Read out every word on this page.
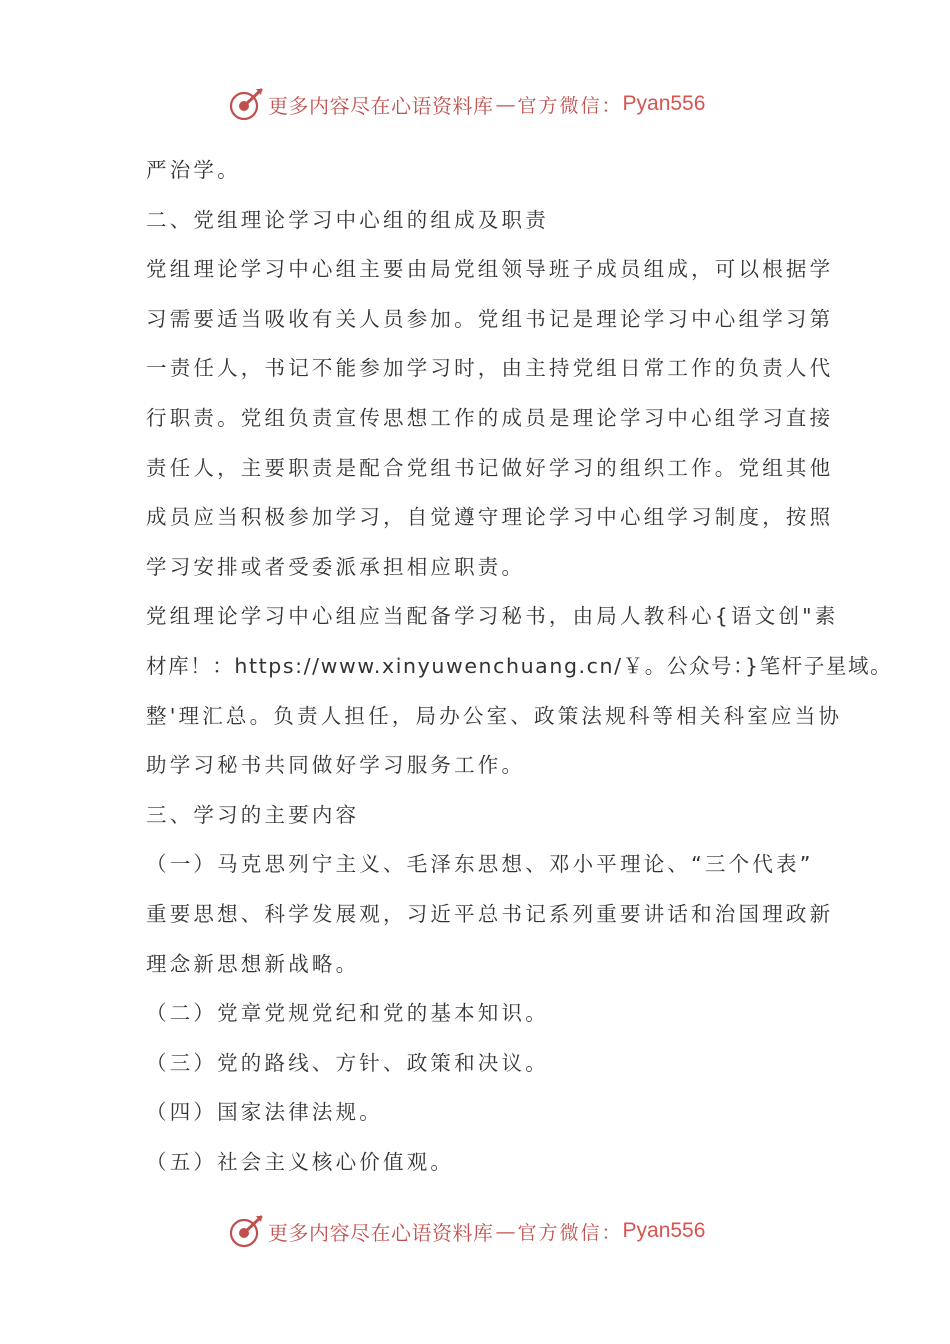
更多内容尽在心语资料库 — 官方微信： Pyan556
严治学。
二、党组理论学习中心组的组成及职责
党组理论学习中心组主要由局党组领导班子成员组成，可以根据学
习需要适当吸收有关人员参加。党组书记是理论学习中心组学习第
一责任人，书记不能参加学习时，由主持党组日常工作的负责人代
行职责。党组负责宣传思想工作的成员是理论学习中心组学习直接
责任人，主要职责是配合党组书记做好学习的组织工作。党组其他
成员应当积极参加学习，自觉遵守理论学习中心组学习制度，按照
学习安排或者受委派承担相应职责。
党组理论学习中心组应当配备学习秘书，由局人教科心{语文创"素
材库！：https://www.xinyuwenchuang.cn/￥。公众号：}笔杆子星域。
整'理汇总。负责人担任，局办公室、政策法规科等相关科室应当协
助学习秘书共同做好学习服务工作。
三、学习的主要内容
（一）马克思列宁主义、毛泽东思想、邓小平理论、“三个代表”
重要思想、科学发展观，习近平总书记系列重要讲话和治国理政新
理念新思想新战略。
（二）党章党规党纪和党的基本知识。
（三）党的路线、方针、政策和决议。
（四）国家法律法规。
（五）社会主义核心价值观。
更多内容尽在心语资料库 — 官方微信： Pyan556
